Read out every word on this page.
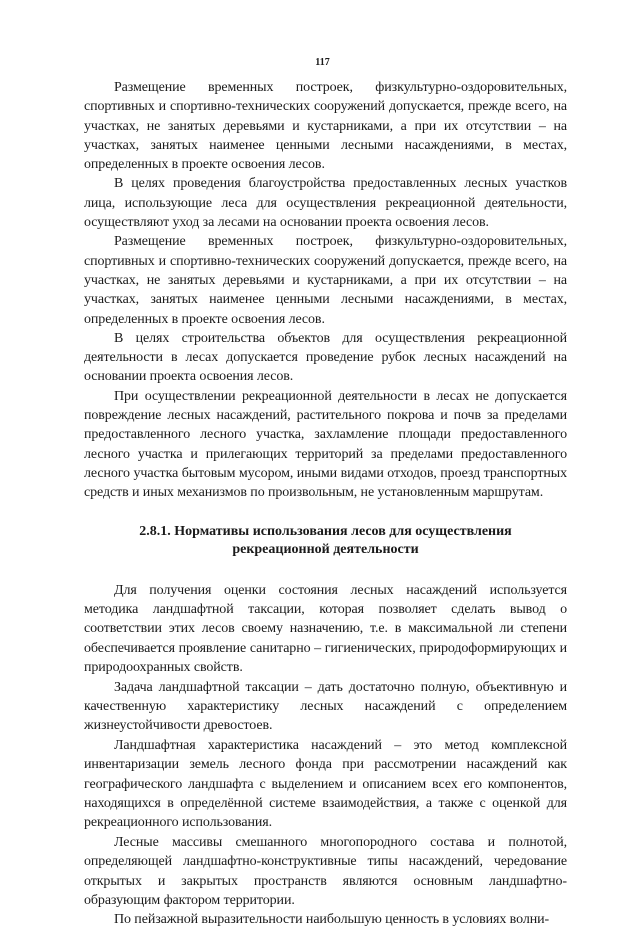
117

Размещение временных построек, физкультурно-оздоровительных, спортивных и спортивно-технических сооружений допускается, прежде всего, на участках, не занятых деревьями и кустарниками, а при их отсутствии – на участках, занятых наименее ценными лесными насаждениями, в местах, определенных в проекте освоения лесов.

В целях проведения благоустройства предоставленных лесных участков лица, использующие леса для осуществления рекреационной деятельности, осуществляют уход за лесами на основании проекта освоения лесов.

Размещение временных построек, физкультурно-оздоровительных, спортивных и спортивно-технических сооружений допускается, прежде всего, на участках, не занятых деревьями и кустарниками, а при их отсутствии – на участках, занятых наименее ценными лесными насаждениями, в местах, определенных в проекте освоения лесов.

В целях строительства объектов для осуществления рекреационной деятельности в лесах допускается проведение рубок лесных насаждений на основании проекта освоения лесов.

При осуществлении рекреационной деятельности в лесах не допускается повреждение лесных насаждений, растительного покрова и почв за пределами предоставленного лесного участка, захламление площади предоставленного лесного участка и прилегающих территорий за пределами предоставленного лесного участка бытовым мусором, иными видами отходов, проезд транспортных средств и иных механизмов по произвольным, не установленным маршрутам.

2.8.1. Нормативы использования лесов для осуществления
рекреационной деятельности

Для получения оценки состояния лесных насаждений используется методика ландшафтной таксации, которая позволяет сделать вывод о соответствии этих лесов своему назначению, т.е. в максимальной ли степени обеспечивается проявление санитарно – гигиенических, природоформирующих и природоохранных свойств.

Задача ландшафтной таксации – дать достаточно полную, объективную и качественную характеристику лесных насаждений с определением жизнеустойчивости древостоев.

Ландшафтная характеристика насаждений – это метод комплексной инвентаризации земель лесного фонда при рассмотрении насаждений как географического ландшафта с выделением и описанием всех его компонентов, находящихся в определённой системе взаимодействия, а также с оценкой для рекреационного использования.

Лесные массивы смешанного многопородного состава и полнотой, определяющей ландшафтно-конструктивные типы насаждений, чередование открытых и закрытых пространств являются основным ландшафтно-образующим фактором территории.

По пейзажной выразительности наибольшую ценность в условиях волни-
